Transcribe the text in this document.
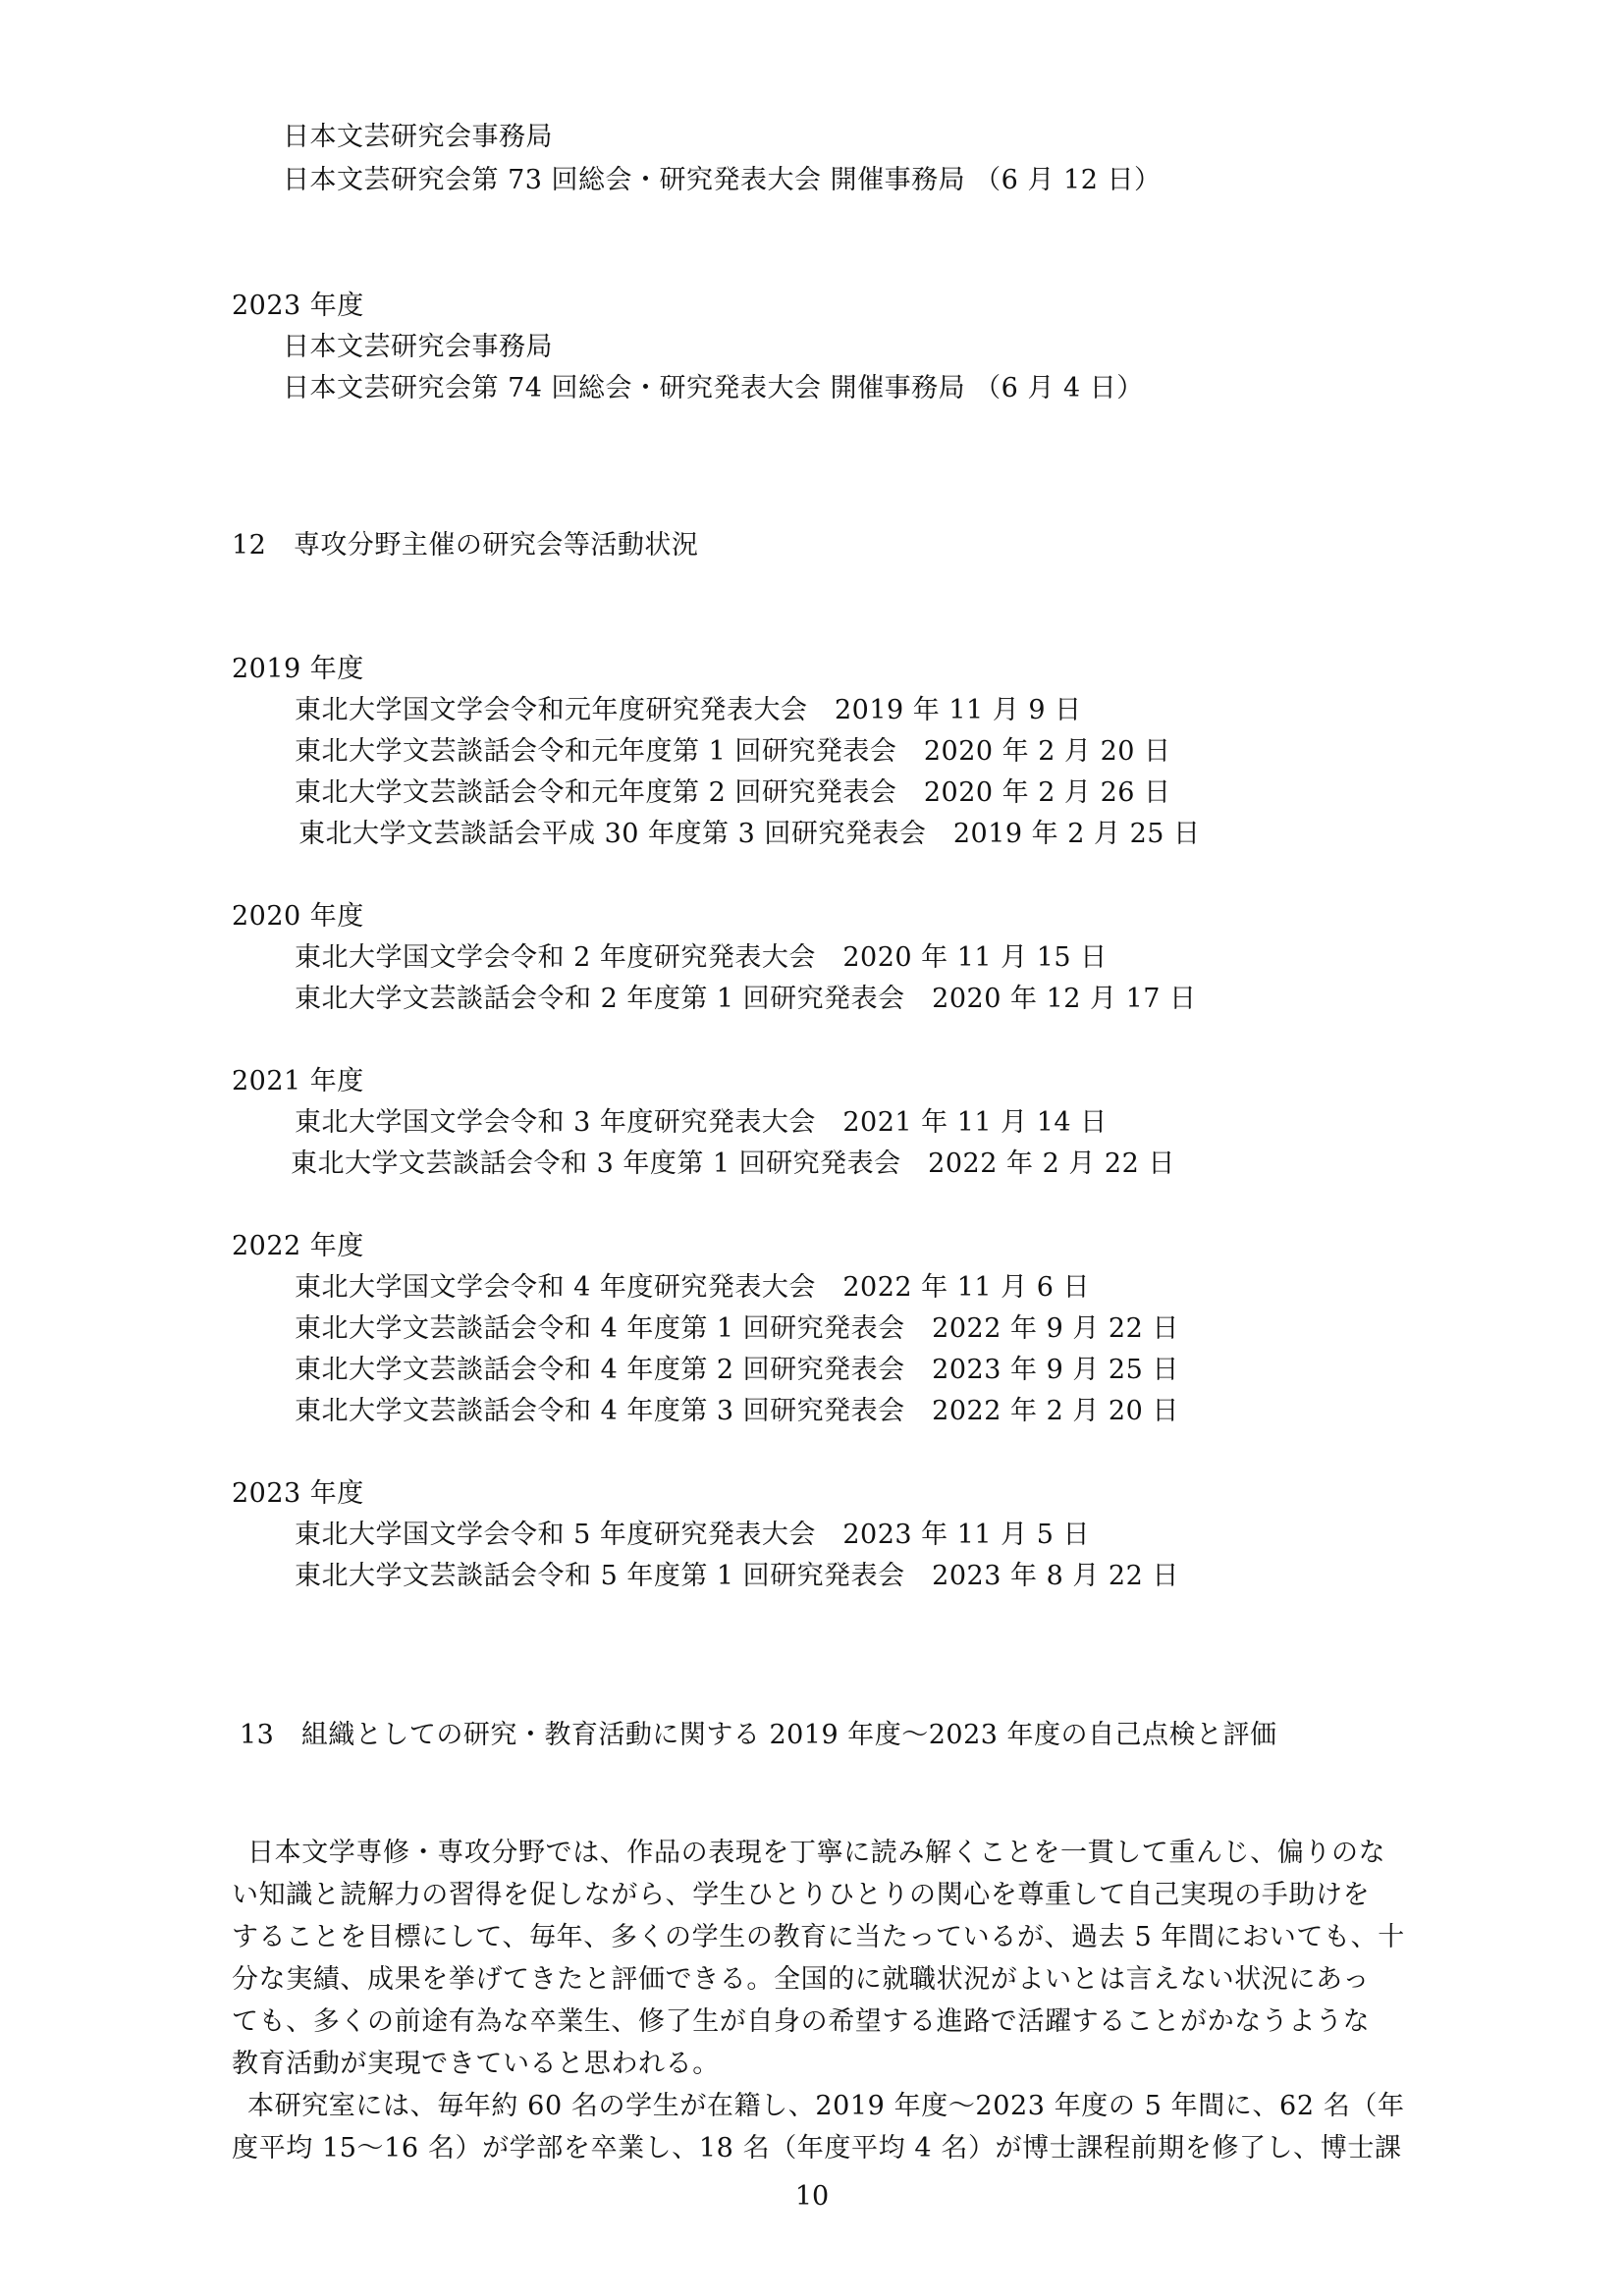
日本文芸研究会事務局
日本文芸研究会第 73 回総会・研究発表大会 開催事務局 （6 月 12 日）
2023 年度
日本文芸研究会事務局
日本文芸研究会第 74 回総会・研究発表大会 開催事務局 （6 月 4 日）
12　専攻分野主催の研究会等活動状況
2019 年度
東北大学国文学会令和元年度研究発表大会　2019 年 11 月 9 日
東北大学文芸談話会令和元年度第 1 回研究発表会　2020 年 2 月 20 日
東北大学文芸談話会令和元年度第 2 回研究発表会　2020 年 2 月 26 日
東北大学文芸談話会平成 30 年度第 3 回研究発表会　2019 年 2 月 25 日
2020 年度
東北大学国文学会令和 2 年度研究発表大会　2020 年 11 月 15 日
東北大学文芸談話会令和 2 年度第 1 回研究発表会　2020 年 12 月 17 日
2021 年度
東北大学国文学会令和 3 年度研究発表大会　2021 年 11 月 14 日
東北大学文芸談話会令和 3 年度第 1 回研究発表会　2022 年 2 月 22 日
2022 年度
東北大学国文学会令和 4 年度研究発表大会　2022 年 11 月 6 日
東北大学文芸談話会令和 4 年度第 1 回研究発表会　2022 年 9 月 22 日
東北大学文芸談話会令和 4 年度第 2 回研究発表会　2023 年 9 月 25 日
東北大学文芸談話会令和 4 年度第 3 回研究発表会　2022 年 2 月 20 日
2023 年度
東北大学国文学会令和 5 年度研究発表大会　2023 年 11 月 5 日
東北大学文芸談話会令和 5 年度第 1 回研究発表会　2023 年 8 月 22 日
13　組織としての研究・教育活動に関する 2019 年度～2023 年度の自己点検と評価
日本文学専修・専攻分野では、作品の表現を丁寧に読み解くことを一貫して重んじ、偏りのな
い知識と読解力の習得を促しながら、学生ひとりひとりの関心を尊重して自己実現の手助けを
することを目標にして、毎年、多くの学生の教育に当たっているが、過去 5 年間においても、十
分な実績、成果を挙げてきたと評価できる。全国的に就職状況がよいとは言えない状況にあっ
ても、多くの前途有為な卒業生、修了生が自身の希望する進路で活躍することがかなうような
教育活動が実現できていると思われる。
本研究室には、毎年約 60 名の学生が在籍し、2019 年度～2023 年度の 5 年間に、62 名（年
度平均 15～16 名）が学部を卒業し、18 名（年度平均 4 名）が博士課程前期を修了し、博士課
10
